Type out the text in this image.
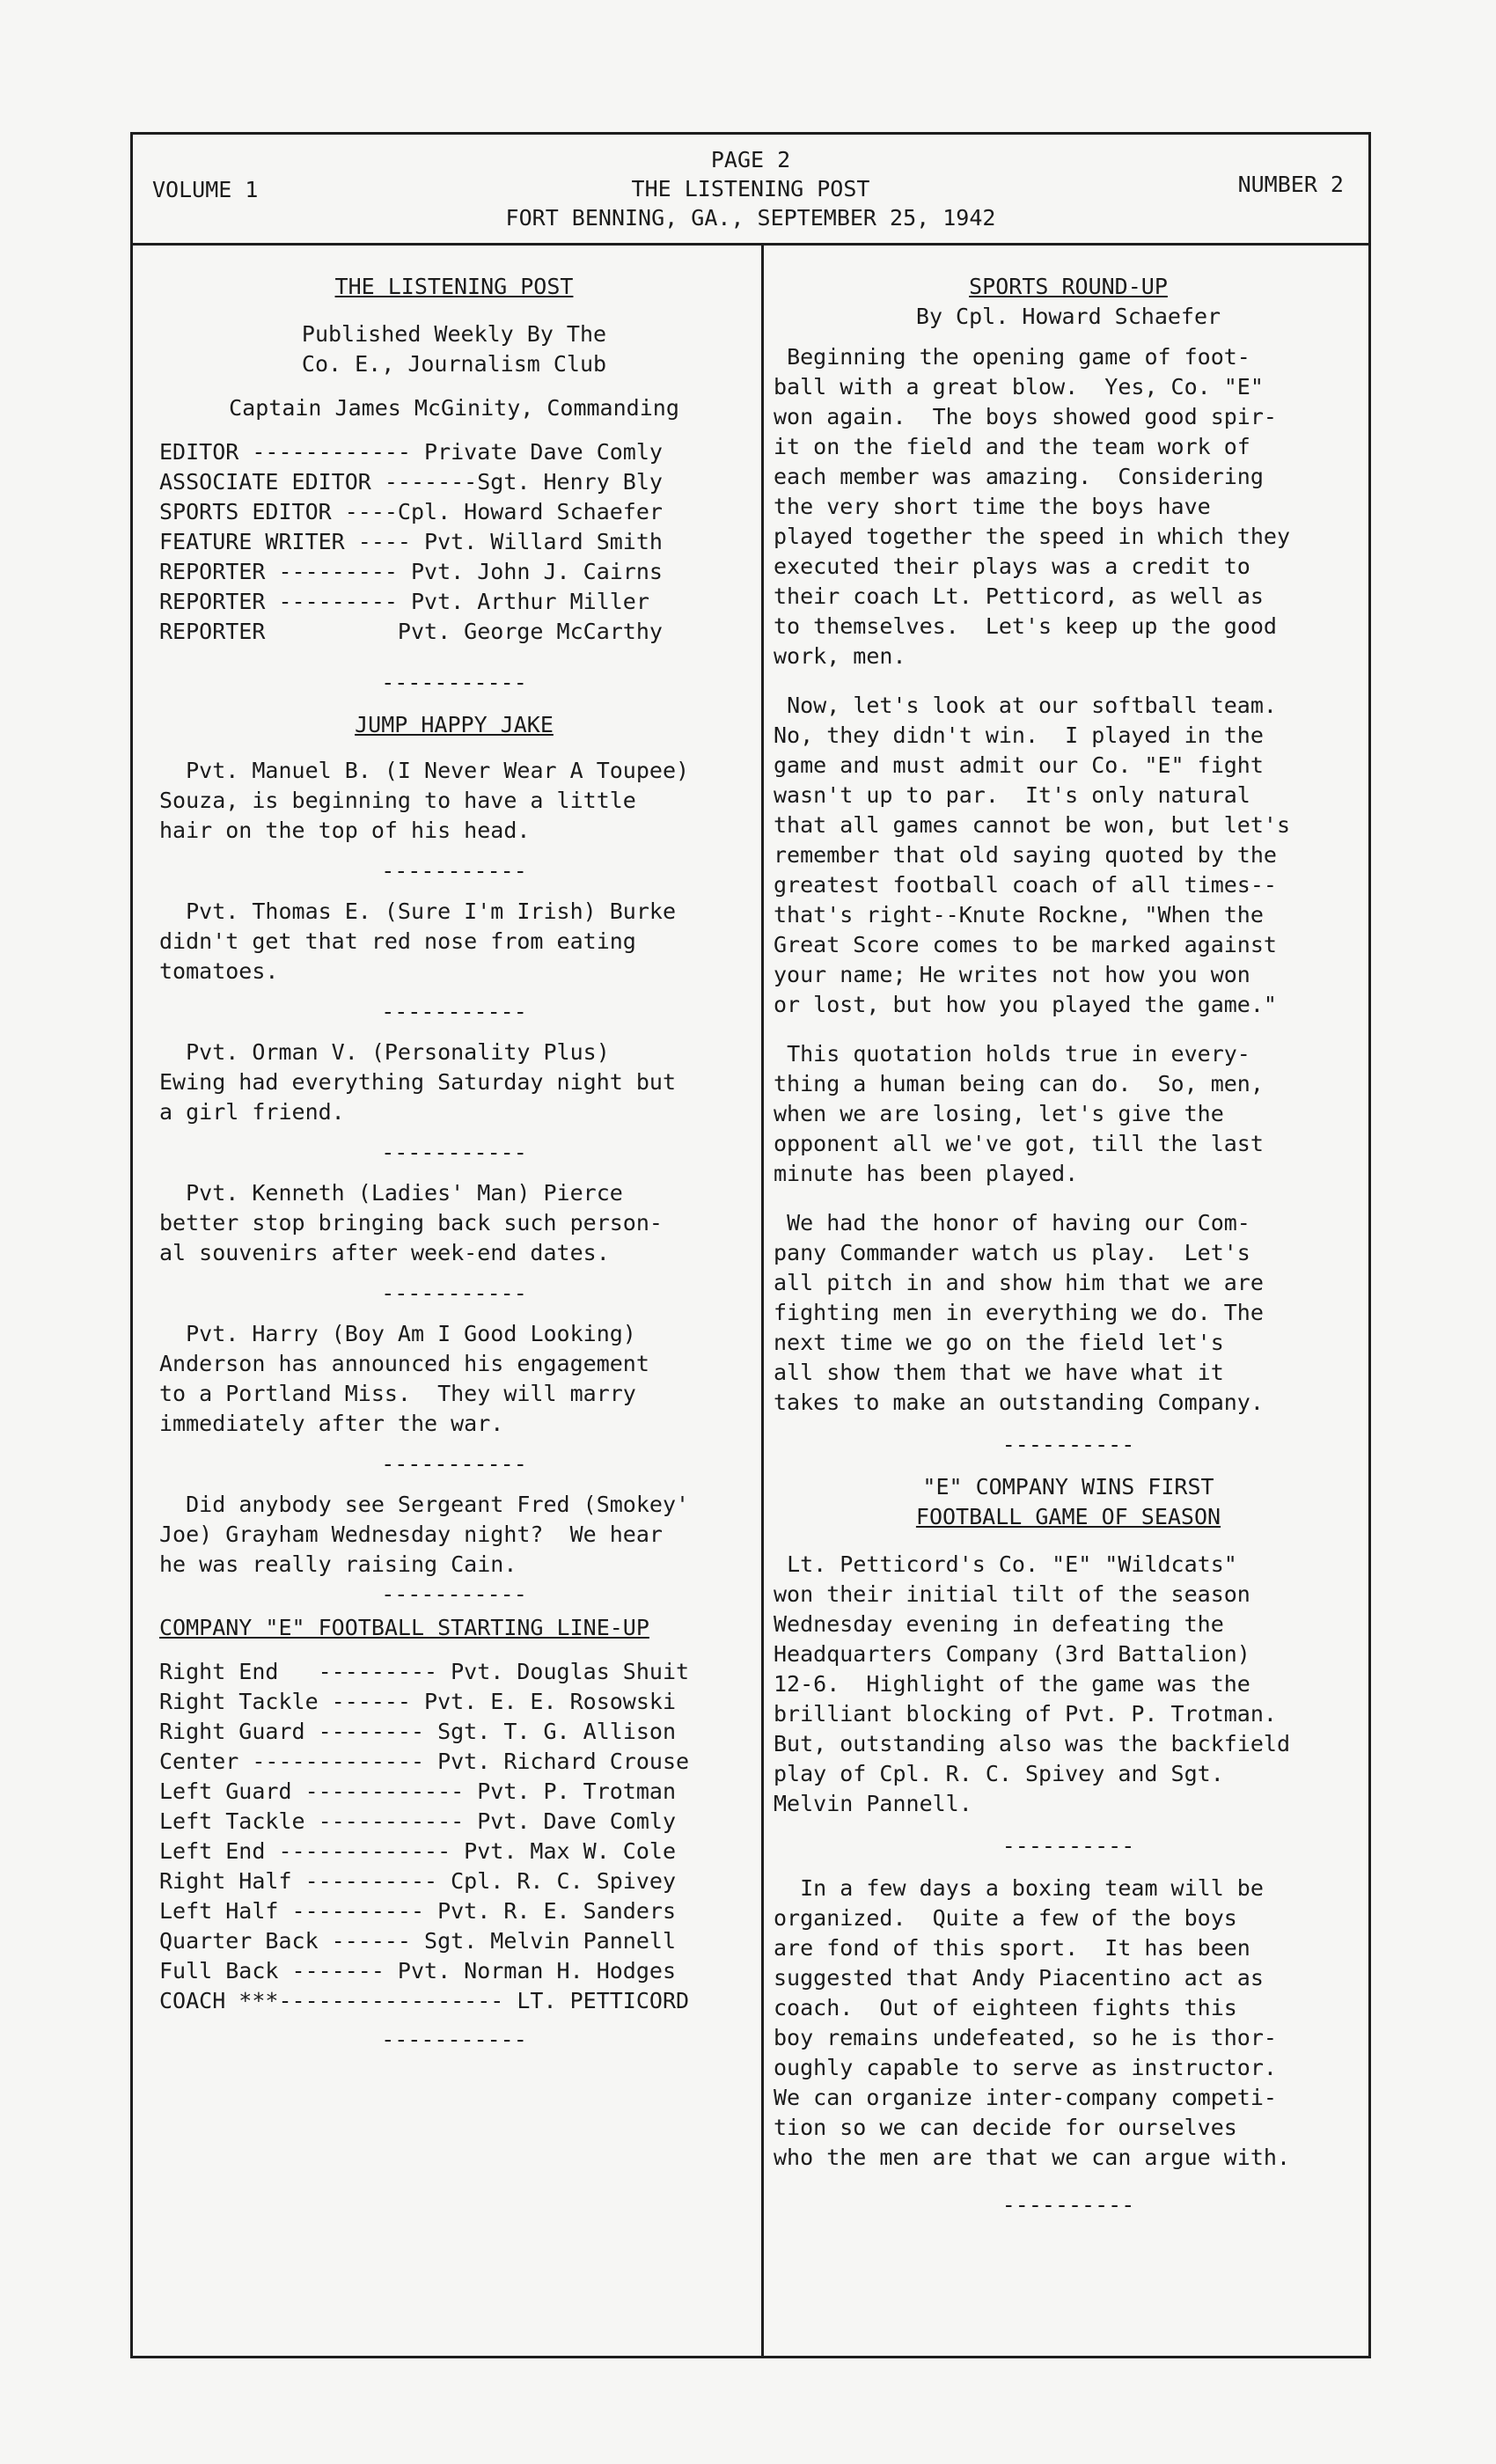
VOLUME 1
PAGE 2
THE LISTENING POST
FORT BENNING, GA., SEPTEMBER 25, 1942
NUMBER 2
THE LISTENING POST
Published Weekly By The
Co. E., Journalism Club
Captain James McGinity, Commanding
EDITOR ------------ Private Dave Comly
ASSOCIATE EDITOR -------Sgt. Henry Bly
SPORTS EDITOR ----Cpl. Howard Schaefer
FEATURE WRITER ---- Pvt. Willard Smith
REPORTER --------- Pvt. John J. Cairns
REPORTER --------- Pvt. Arthur Miller
REPORTER          Pvt. George McCarthy
-----------
JUMP HAPPY JAKE

Pvt. Manuel B. (I Never Wear A Toupee)
Souza, is beginning to have a little
hair on the top of his head.

-----------

Pvt. Thomas E. (Sure I'm Irish) Burke
didn't get that red nose from eating
tomatoes.

-----------

Pvt. Orman V. (Personality Plus)
Ewing had everything Saturday night but
a girl friend.

-----------

Pvt. Kenneth (Ladies' Man) Pierce
better stop bringing back such person-
al souvenirs after week-end dates.

-----------

Pvt. Harry (Boy Am I Good Looking)
Anderson has announced his engagement
to a Portland Miss.  They will marry
immediately after the war.

-----------

Did anybody see Sergeant Fred (Smokey'
Joe) Grayham Wednesday night?  We hear
he was really raising Cain.

-----------
COMPANY "E" FOOTBALL STARTING LINE-UP
Right End   --------- Pvt. Douglas Shuit
Right Tackle ------ Pvt. E. E. Rosowski
Right Guard -------- Sgt. T. G. Allison
Center ------------- Pvt. Richard Crouse
Left Guard ------------ Pvt. P. Trotman
Left Tackle ----------- Pvt. Dave Comly
Left End ------------- Pvt. Max W. Cole
Right Half ---------- Cpl. R. C. Spivey
Left Half ---------- Pvt. R. E. Sanders
Quarter Back ------ Sgt. Melvin Pannell
Full Back ------- Pvt. Norman H. Hodges
COACH ***----------------- LT. PETTICORD
-----------
SPORTS ROUND-UP
By Cpl. Howard Schaefer

Beginning the opening game of foot-
ball with a great blow.  Yes, Co. "E"
won again.  The boys showed good spir-
it on the field and the team work of
each member was amazing.  Considering
the very short time the boys have
played together the speed in which they
executed their plays was a credit to
their coach Lt. Petticord, as well as
to themselves.  Let's keep up the good
work, men.

Now, let's look at our softball team.
No, they didn't win.  I played in the
game and must admit our Co. "E" fight
wasn't up to par.  It's only natural
that all games cannot be won, but let's
remember that old saying quoted by the
greatest football coach of all times--
that's right--Knute Rockne, "When the
Great Score comes to be marked against
your name; He writes not how you won
or lost, but how you played the game."

This quotation holds true in every-
thing a human being can do.  So, men,
when we are losing, let's give the
opponent all we've got, till the last
minute has been played.

We had the honor of having our Com-
pany Commander watch us play.  Let's
all pitch in and show him that we are
fighting men in everything we do. The
next time we go on the field let's
all show them that we have what it
takes to make an outstanding Company.

----------
"E" COMPANY WINS FIRST
FOOTBALL GAME OF SEASON

Lt. Petticord's Co. "E" "Wildcats"
won their initial tilt of the season
Wednesday evening in defeating the
Headquarters Company (3rd Battalion)
12-6.  Highlight of the game was the
brilliant blocking of Pvt. P. Trotman.
But, outstanding also was the backfield
play of Cpl. R. C. Spivey and Sgt.
Melvin Pannell.

----------

In a few days a boxing team will be
organized.  Quite a few of the boys
are fond of this sport.  It has been
suggested that Andy Piacentino act as
coach.  Out of eighteen fights this
boy remains undefeated, so he is thor-
oughly capable to serve as instructor.
We can organize inter-company competi-
tion so we can decide for ourselves
who the men are that we can argue with.

----------
